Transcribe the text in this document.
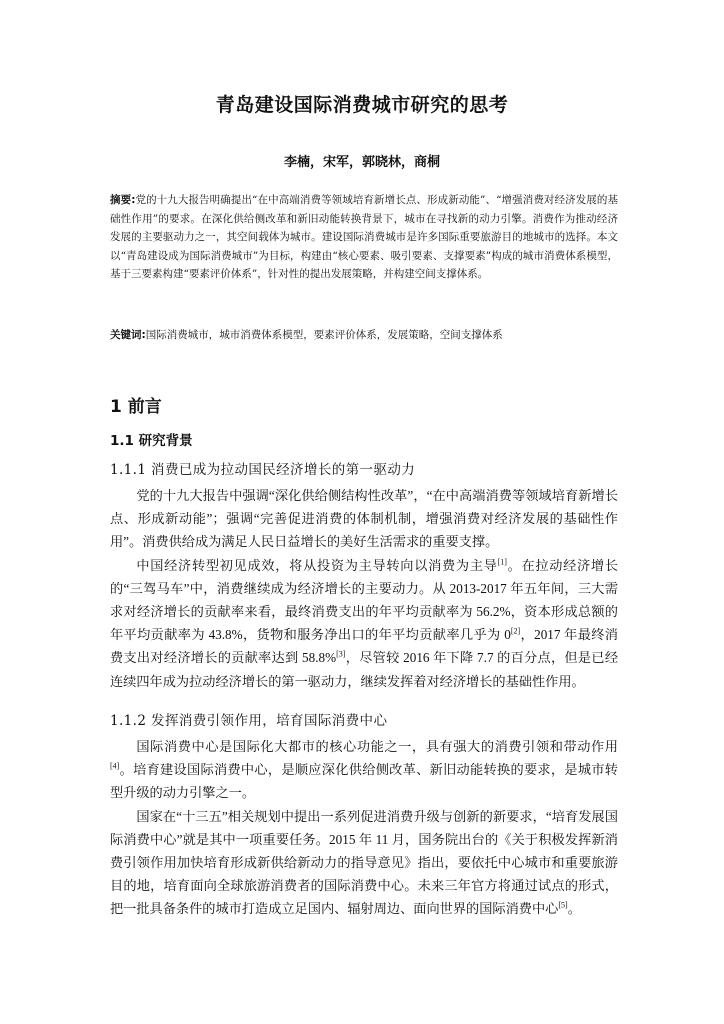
青岛建设国际消费城市研究的思考
李楠，宋军，郭晓林，商桐
摘要:党的十九大报告明确提出“在中高端消费等领域培育新增长点、形成新动能”、“增强消费对经济发展的基础性作用”的要求。在深化供给侧改革和新旧动能转换背景下，城市在寻找新的动力引擎。消费作为推动经济发展的主要驱动力之一，其空间载体为城市。建设国际消费城市是许多国际重要旅游目的地城市的选择。本文以“青岛建设成为国际消费城市”为目标，构建由“核心要素、吸引要素、支撑要素”构成的城市消费体系模型，基于三要素构建“要素评价体系”，针对性的提出发展策略，并构建空间支撑体系。
关键词:国际消费城市，城市消费体系模型，要素评价体系，发展策略，空间支撑体系
1 前言
1.1 研究背景
1.1.1 消费已成为拉动国民经济增长的第一驱动力

党的十九大报告中强调“深化供给侧结构性改革”，“在中高端消费等领域培育新增长点、形成新动能”；强调“完善促进消费的体制机制，增强消费对经济发展的基础性作用”。消费供给成为满足人民日益增长的美好生活需求的重要支撑。

中国经济转型初见成效，将从投资为主导转向以消费为主导[1]。在拉动经济增长的“三驾马车”中，消费继续成为经济增长的主要动力。从 2013-2017 年五年间，三大需求对经济增长的贡献率来看，最终消费支出的年平均贡献率为 56.2%，资本形成总额的年平均贡献率为 43.8%，货物和服务净出口的年平均贡献率几乎为 0[2]，2017 年最终消费支出对经济增长的贡献率达到 58.8%[3]，尽管较 2016 年下降 7.7 的百分点，但是已经连续四年成为拉动经济增长的第一驱动力，继续发挥着对经济增长的基础性作用。

1.1.2 发挥消费引领作用，培育国际消费中心

国际消费中心是国际化大都市的核心功能之一，具有强大的消费引领和带动作用[4]。培育建设国际消费中心，是顺应深化供给侧改革、新旧动能转换的要求，是城市转型升级的动力引擎之一。

国家在“十三五”相关规划中提出一系列促进消费升级与创新的新要求，“培育发展国际消费中心”就是其中一项重要任务。2015 年 11 月，国务院出台的《关于积极发挥新消费引领作用加快培育形成新供给新动力的指导意见》指出，要依托中心城市和重要旅游目的地，培育面向全球旅游消费者的国际消费中心。未来三年官方将通过试点的形式，把一批具备条件的城市打造成立足国内、辐射周边、面向世界的国际消费中心[5]。
